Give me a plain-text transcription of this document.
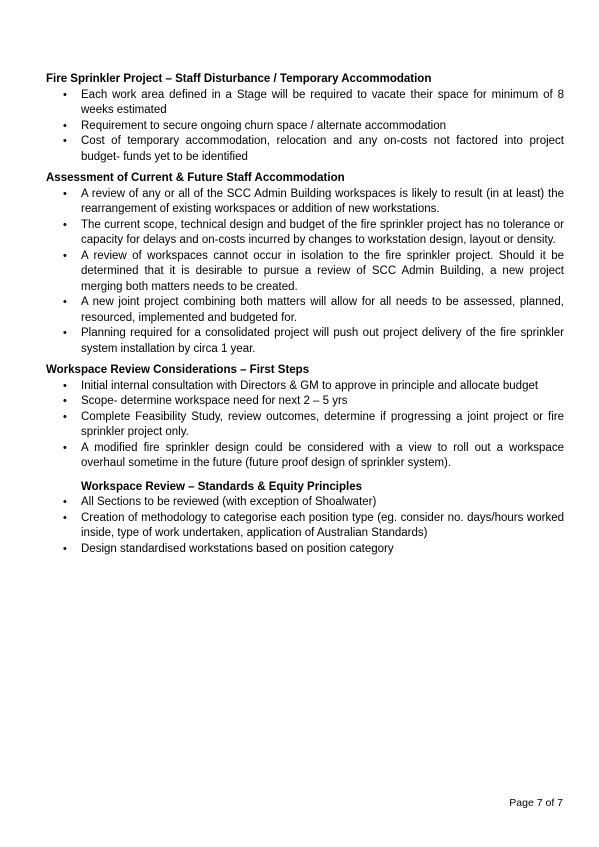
Fire Sprinkler Project – Staff Disturbance / Temporary Accommodation

• Each work area defined in a Stage will be required to vacate their space for minimum of 8 weeks estimated
• Requirement to secure ongoing churn space / alternate accommodation
• Cost of temporary accommodation, relocation and any on-costs not factored into project budget- funds yet to be identified

Assessment of Current & Future Staff Accommodation

• A review of any or all of the SCC Admin Building workspaces is likely to result (in at least) the rearrangement of existing workspaces or addition of new workstations.
• The current scope, technical design and budget of the fire sprinkler project has no tolerance or capacity for delays and on-costs incurred by changes to workstation design, layout or density.
• A review of workspaces cannot occur in isolation to the fire sprinkler project. Should it be determined that it is desirable to pursue a review of SCC Admin Building, a new project merging both matters needs to be created.
• A new joint project combining both matters will allow for all needs to be assessed, planned, resourced, implemented and budgeted for.
• Planning required for a consolidated project will push out project delivery of the fire sprinkler system installation by circa 1 year.

Workspace Review Considerations – First Steps

• Initial internal consultation with Directors & GM to approve in principle and allocate budget
• Scope- determine workspace need for next 2 – 5 yrs
• Complete Feasibility Study, review outcomes, determine if progressing a joint project or fire sprinkler project only.
• A modified fire sprinkler design could be considered with a view to roll out a workspace overhaul sometime in the future (future proof design of sprinkler system).

Workspace Review – Standards & Equity Principles

• All Sections to be reviewed (with exception of Shoalwater)
• Creation of methodology to categorise each position type (eg. consider no. days/hours worked inside, type of work undertaken, application of Australian Standards)
• Design standardised workstations based on position category
Page 7 of 7
